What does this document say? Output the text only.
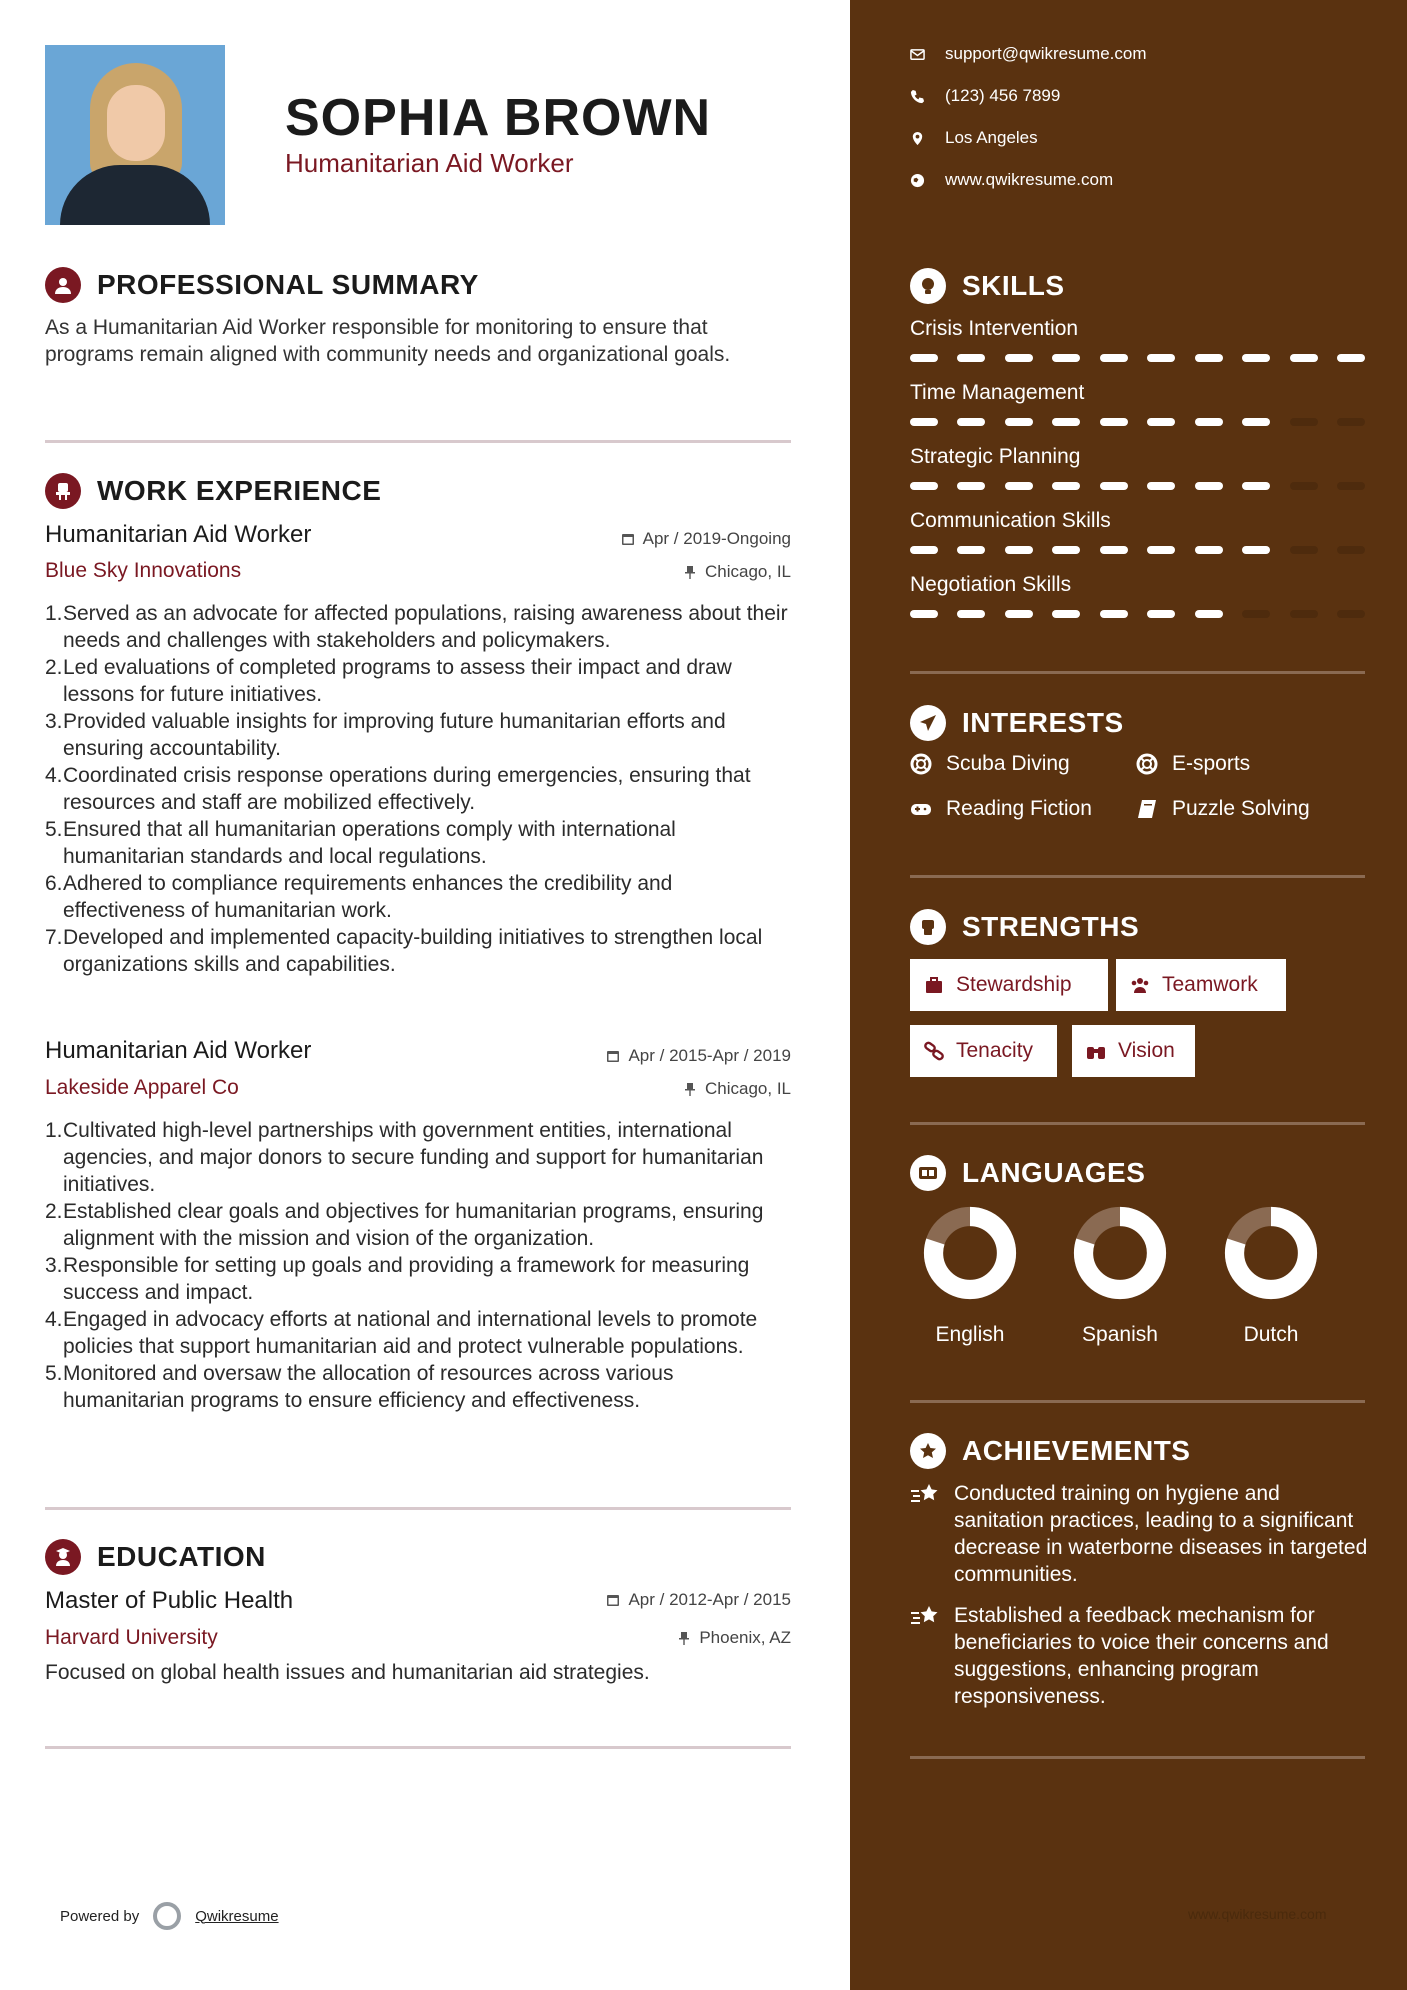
SOPHIA BROWN
Humanitarian Aid Worker
PROFESSIONAL SUMMARY
As a Humanitarian Aid Worker responsible for monitoring to ensure that programs remain aligned with community needs and organizational goals.
WORK EXPERIENCE
Humanitarian Aid Worker
Blue Sky Innovations
Apr / 2019-Ongoing
Chicago, IL
1.Served as an advocate for affected populations, raising awareness about their needs and challenges with stakeholders and policymakers.
2.Led evaluations of completed programs to assess their impact and draw lessons for future initiatives.
3.Provided valuable insights for improving future humanitarian efforts and ensuring accountability.
4.Coordinated crisis response operations during emergencies, ensuring that resources and staff are mobilized effectively.
5.Ensured that all humanitarian operations comply with international humanitarian standards and local regulations.
6.Adhered to compliance requirements enhances the credibility and effectiveness of humanitarian work.
7.Developed and implemented capacity-building initiatives to strengthen local organizations skills and capabilities.
Humanitarian Aid Worker
Lakeside Apparel Co
Apr / 2015-Apr / 2019
Chicago, IL
1.Cultivated high-level partnerships with government entities, international agencies, and major donors to secure funding and support for humanitarian initiatives.
2.Established clear goals and objectives for humanitarian programs, ensuring alignment with the mission and vision of the organization.
3.Responsible for setting up goals and providing a framework for measuring success and impact.
4.Engaged in advocacy efforts at national and international levels to promote policies that support humanitarian aid and protect vulnerable populations.
5.Monitored and oversaw the allocation of resources across various humanitarian programs to ensure efficiency and effectiveness.
EDUCATION
Master of Public Health
Harvard University
Apr / 2012-Apr / 2015
Phoenix, AZ
Focused on global health issues and humanitarian aid strategies.
Powered by	Qwikresume
support@qwikresume.com
(123) 456 7899
Los Angeles
www.qwikresume.com
SKILLS
Crisis Intervention
Time Management
Strategic Planning
Communication Skills
Negotiation Skills
INTERESTS
Scuba Diving	E-sports
Reading Fiction	Puzzle Solving
STRENGTHS
Stewardship	Teamwork
Tenacity	Vision
LANGUAGES
English	Spanish	Dutch
ACHIEVEMENTS
Conducted training on hygiene and sanitation practices, leading to a significant decrease in waterborne diseases in targeted communities.
Established a feedback mechanism for beneficiaries to voice their concerns and suggestions, enhancing program responsiveness.
www.qwikresume.com
